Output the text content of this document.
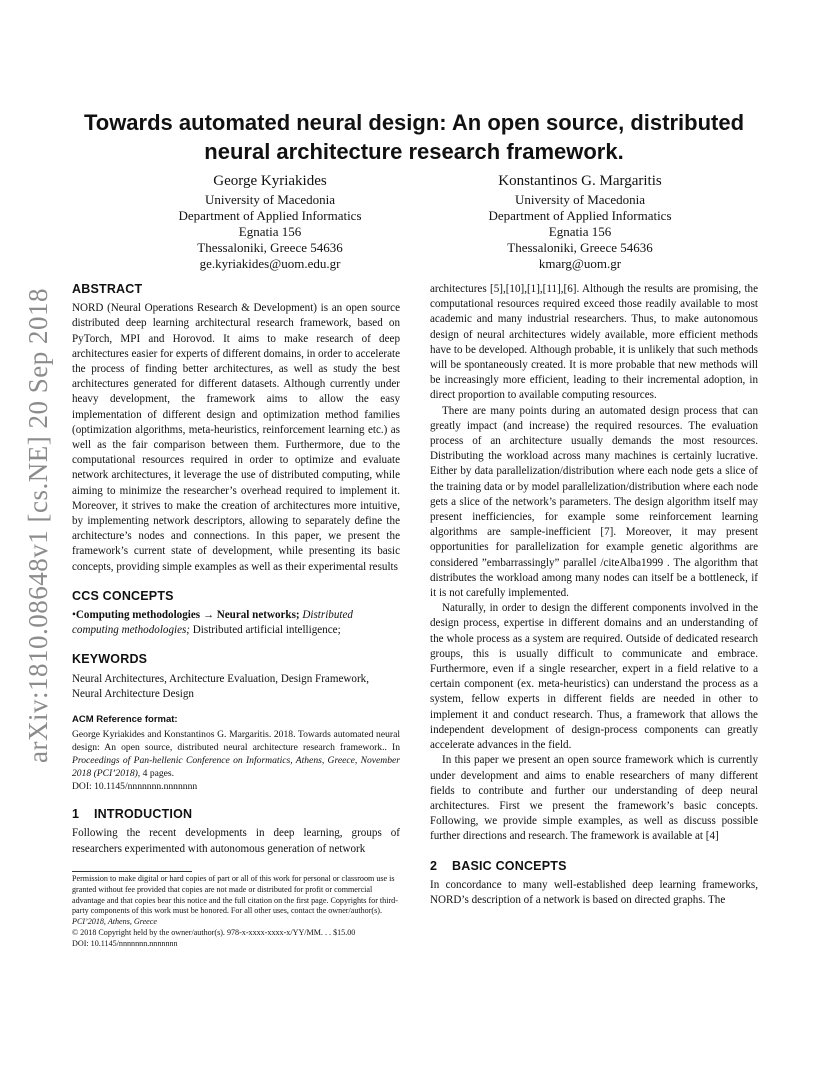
arXiv:1810.08648v1 [cs.NE] 20 Sep 2018
Towards automated neural design: An open source, distributed neural architecture research framework.
George Kyriakides
University of Macedonia
Department of Applied Informatics
Egnatia 156
Thessaloniki, Greece 54636
ge.kyriakides@uom.edu.gr
Konstantinos G. Margaritis
University of Macedonia
Department of Applied Informatics
Egnatia 156
Thessaloniki, Greece 54636
kmarg@uom.gr
ABSTRACT

NORD (Neural Operations Research & Development) is an open source distributed deep learning architectural research framework, based on PyTorch, MPI and Horovod. It aims to make research of deep architectures easier for experts of different domains, in order to accelerate the process of finding better architectures, as well as study the best architectures generated for different datasets. Although currently under heavy development, the framework aims to allow the easy implementation of different design and optimization method families (optimization algorithms, meta-heuristics, reinforcement learning etc.) as well as the fair comparison between them. Furthermore, due to the computational resources required in order to optimize and evaluate network architectures, it leverage the use of distributed computing, while aiming to minimize the researcher’s overhead required to implement it. Moreover, it strives to make the creation of architectures more intuitive, by implementing network descriptors, allowing to separately define the architecture’s nodes and connections. In this paper, we present the framework’s current state of development, while presenting its basic concepts, providing simple examples as well as their experimental results

CCS CONCEPTS

•Computing methodologies → Neural networks; Distributed computing methodologies; Distributed artificial intelligence;

KEYWORDS

Neural Architectures, Architecture Evaluation, Design Framework, Neural Architecture Design

ACM Reference format:

George Kyriakides and Konstantinos G. Margaritis. 2018. Towards automated neural design: An open source, distributed neural architecture research framework.. In Proceedings of Pan-hellenic Conference on Informatics, Athens, Greece, November 2018 (PCI’2018), 4 pages.

DOI: 10.1145/nnnnnnn.nnnnnnn

1 INTRODUCTION

Following the recent developments in deep learning, groups of researchers experimented with autonomous generation of network

architectures [5],[10],[1],[11],[6]. Although the results are promising, the computational resources required exceed those readily available to most academic and many industrial researchers. Thus, to make autonomous design of neural architectures widely available, more efficient methods have to be developed. Although probable, it is unlikely that such methods will be spontaneously created. It is more probable that new methods will be increasingly more efficient, leading to their incremental adoption, in direct proportion to available computing resources.

There are many points during an automated design process that can greatly impact (and increase) the required resources. The evaluation process of an architecture usually demands the most resources. Distributing the workload across many machines is certainly lucrative. Either by data parallelization/distribution where each node gets a slice of the training data or by model parallelization/distribution where each node gets a slice of the network’s parameters. The design algorithm itself may present inefficiencies, for example some reinforcement learning algorithms are sample-inefficient [7]. Moreover, it may present opportunities for parallelization for example genetic algorithms are considered ”embarrassingly” parallel /citeAlba1999 . The algorithm that distributes the workload among many nodes can itself be a bottleneck, if it is not carefully implemented.

Naturally, in order to design the different components involved in the design process, expertise in different domains and an understanding of the whole process as a system are required. Outside of dedicated research groups, this is usually difficult to communicate and embrace. Furthermore, even if a single researcher, expert in a field relative to a certain component (ex. meta-heuristics) can understand the process as a system, fellow experts in different fields are needed in other to implement it and conduct research. Thus, a framework that allows the independent development of design-process components can greatly accelerate advances in the field.

In this paper we present an open source framework which is currently under development and aims to enable researchers of many different fields to contribute and further our understanding of deep neural architectures. First we present the framework’s basic concepts. Following, we provide simple examples, as well as discuss possible further directions and research. The framework is available at [4]

2 BASIC CONCEPTS

In concordance to many well-established deep learning frameworks, NORD’s description of a network is based on directed graphs. The

Permission to make digital or hard copies of part or all of this work for personal or classroom use is granted without fee provided that copies are not made or distributed for profit or commercial advantage and that copies bear this notice and the full citation on the first page. Copyrights for third-party components of this work must be honored. For all other uses, contact the owner/author(s).

PCI’2018, Athens, Greece

© 2018 Copyright held by the owner/author(s). 978-x-xxxx-xxxx-x/YY/MM. . . $15.00

DOI: 10.1145/nnnnnnn.nnnnnnn
